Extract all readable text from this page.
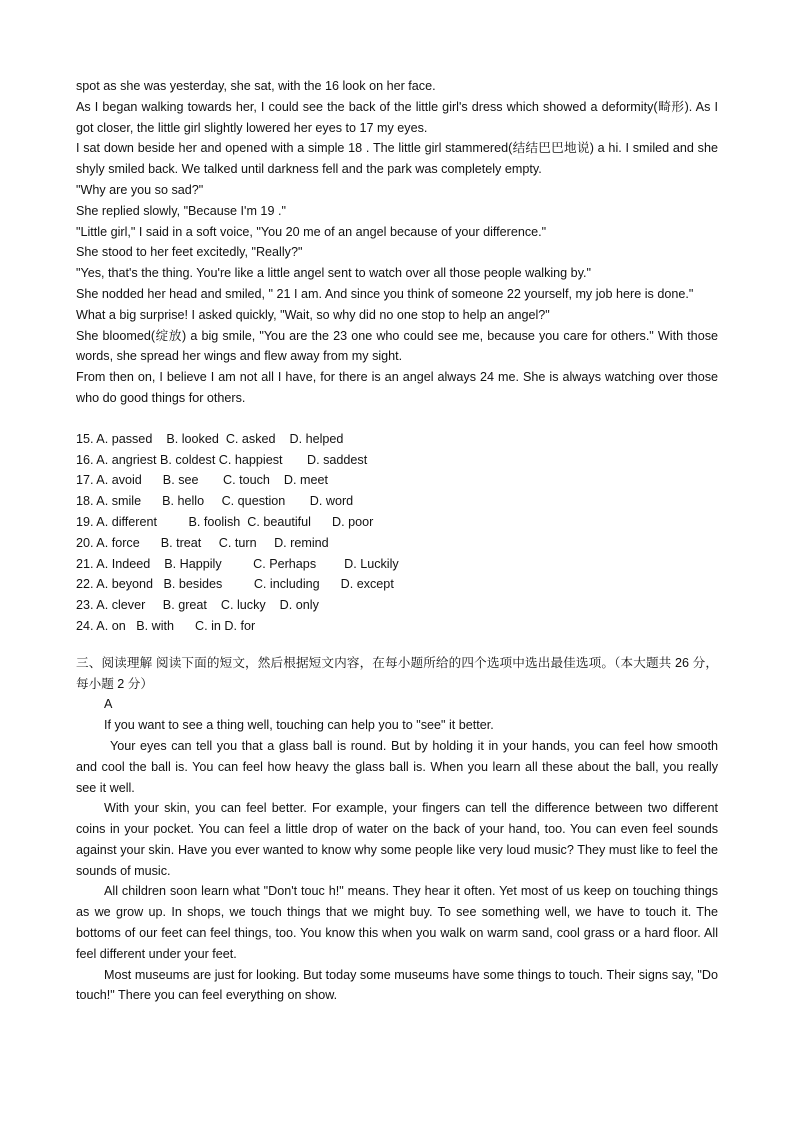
spot as she was yesterday, she sat, with the 16 look on her face.

As I began walking towards her, I could see the back of the little girl's dress which showed a deformity(畸形). As I got closer, the little girl slightly lowered her eyes to 17 my eyes.

I sat down beside her and opened with a simple 18 . The little girl stammered(结结巴巴地说) a hi. I smiled and she shyly smiled back. We talked until darkness fell and the park was completely empty.

"Why are you so sad?"

She replied slowly, "Because I'm 19 ."

"Little girl," I said in a soft voice, "You 20 me of an angel because of your difference."

She stood to her feet excitedly, "Really?"

"Yes, that's the thing. You're like a little angel sent to watch over all those people walking by."

She nodded her head and smiled, " 21 I am. And since you think of someone 22 yourself, my job here is done."

What a big surprise! I asked quickly, "Wait, so why did no one stop to help an angel?"

She bloomed(绽放) a big smile, "You are the 23 one who could see me, because you care for others." With those words, she spread her wings and flew away from my sight.

From then on, I believe I am not all I have, for there is an angel always 24 me. She is always watching over those who do good things for others.

15. A. passed    B. looked  C. asked    D. helped
16. A. angriest B. coldest C. happiest       D. saddest
17. A. avoid      B. see       C. touch    D. meet
18. A. smile      B. hello     C. question       D. word
19. A. different         B. foolish  C. beautiful      D. poor
20. A. force      B. treat     C. turn     D. remind
21. A. Indeed    B. Happily         C. Perhaps        D. Luckily
22. A. beyond   B. besides         C. including      D. except
23. A. clever     B. great    C. lucky    D. only
24. A. on   B. with      C. in D. for

三、阅读理解 阅读下面的短文，然后根据短文内容，在每小题所给的四个选项中选出最佳选项。（本大题共 26 分，每小题 2 分）

A

If you want to see a thing well, touching can help you to "see" it better.

Your eyes can tell you that a glass ball is round. But by holding it in your hands, you can feel how smooth and cool the ball is. You can feel how heavy the glass ball is. When you learn all these about the ball, you really see it well.

With your skin, you can feel better. For example, your fingers can tell the difference between two different coins in your pocket. You can feel a little drop of water on the back of your hand, too. You can even feel sounds against your skin. Have you ever wanted to know why some people like very loud music? They must like to feel the sounds of music.

All children soon learn what "Don't touc h!" means. They hear it often. Yet most of us keep on touching things as we grow up. In shops, we touch things that we might buy. To see something well, we have to touch it. The bottoms of our feet can feel things, too. You know this when you walk on warm sand, cool grass or a hard floor. All feel different under your feet.

Most museums are just for looking. But today some museums have some things to touch. Their signs say, "Do touch!" There you can feel everything on show.
